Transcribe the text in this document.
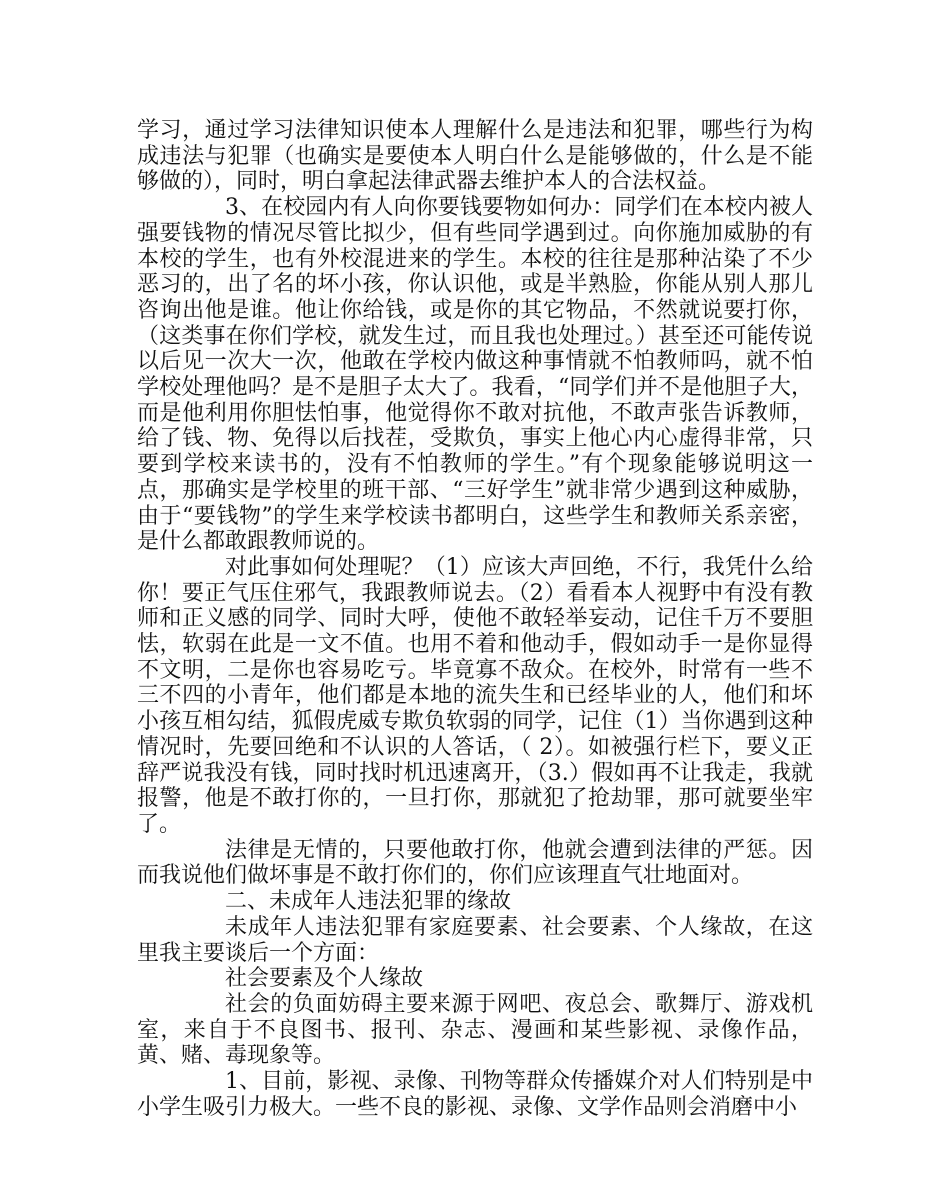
学习，通过学习法律知识使本人理解什么是违法和犯罪，哪些行为构成违法与犯罪（也确实是要使本人明白什么是能够做的，什么是不能够做的），同时，明白拿起法律武器去维护本人的合法权益。

3、在校园内有人向你要钱要物如何办：同学们在本校内被人强要钱物的情况尽管比拟少，但有些同学遇到过。向你施加威胁的有本校的学生，也有外校混进来的学生。本校的往往是那种沾染了不少恶习的，出了名的坏小孩，你认识他，或是半熟脸，你能从别人那儿咨询出他是谁。他让你给钱，或是你的其它物品，不然就说要打你，（这类事在你们学校，就发生过，而且我也处理过。）甚至还可能传说以后见一次大一次，他敢在学校内做这种事情就不怕教师吗，就不怕学校处理他吗？是不是胆子太大了。我看，“同学们并不是他胆子大，而是他利用你胆怯怕事，他觉得你不敢对抗他，不敢声张告诉教师，给了钱、物、免得以后找茬，受欺负，事实上他心内心虚得非常，只要到学校来读书的，没有不怕教师的学生。”有个现象能够说明这一点，那确实是学校里的班干部、“三好学生”就非常少遇到这种威胁，由于“要钱物”的学生来学校读书都明白，这些学生和教师关系亲密，是什么都敢跟教师说的。

对此事如何处理呢？（1）应该大声回绝，不行，我凭什么给你！要正气压住邪气，我跟教师说去。（2）看看本人视野中有没有教师和正义感的同学、同时大呼，使他不敢轻举妄动，记住千万不要胆怯，软弱在此是一文不值。也用不着和他动手，假如动手一是你显得不文明，二是你也容易吃亏。毕竟寡不敌众。在校外，时常有一些不三不四的小青年，他们都是本地的流失生和已经毕业的人，他们和坏小孩互相勾结，狐假虎威专欺负软弱的同学，记住（1）当你遇到这种情况时，先要回绝和不认识的人答话，（ 2）。如被强行栏下，要义正辞严说我没有钱，同时找时机迅速离开，（3.）假如再不让我走，我就报警，他是不敢打你的，一旦打你，那就犯了抢劫罪，那可就要坐牢了。

法律是无情的，只要他敢打你，他就会遭到法律的严惩。因而我说他们做坏事是不敢打你们的，你们应该理直气壮地面对。

二、未成年人违法犯罪的缘故

未成年人违法犯罪有家庭要素、社会要素、个人缘故，在这里我主要谈后一个方面：

社会要素及个人缘故

社会的负面妨碍主要来源于网吧、夜总会、歌舞厅、游戏机室，来自于不良图书、报刊、杂志、漫画和某些影视、录像作品，黄、赌、毒现象等。

1、目前，影视、录像、刊物等群众传播媒介对人们特别是中小学生吸引力极大。一些不良的影视、录像、文学作品则会消磨中小
